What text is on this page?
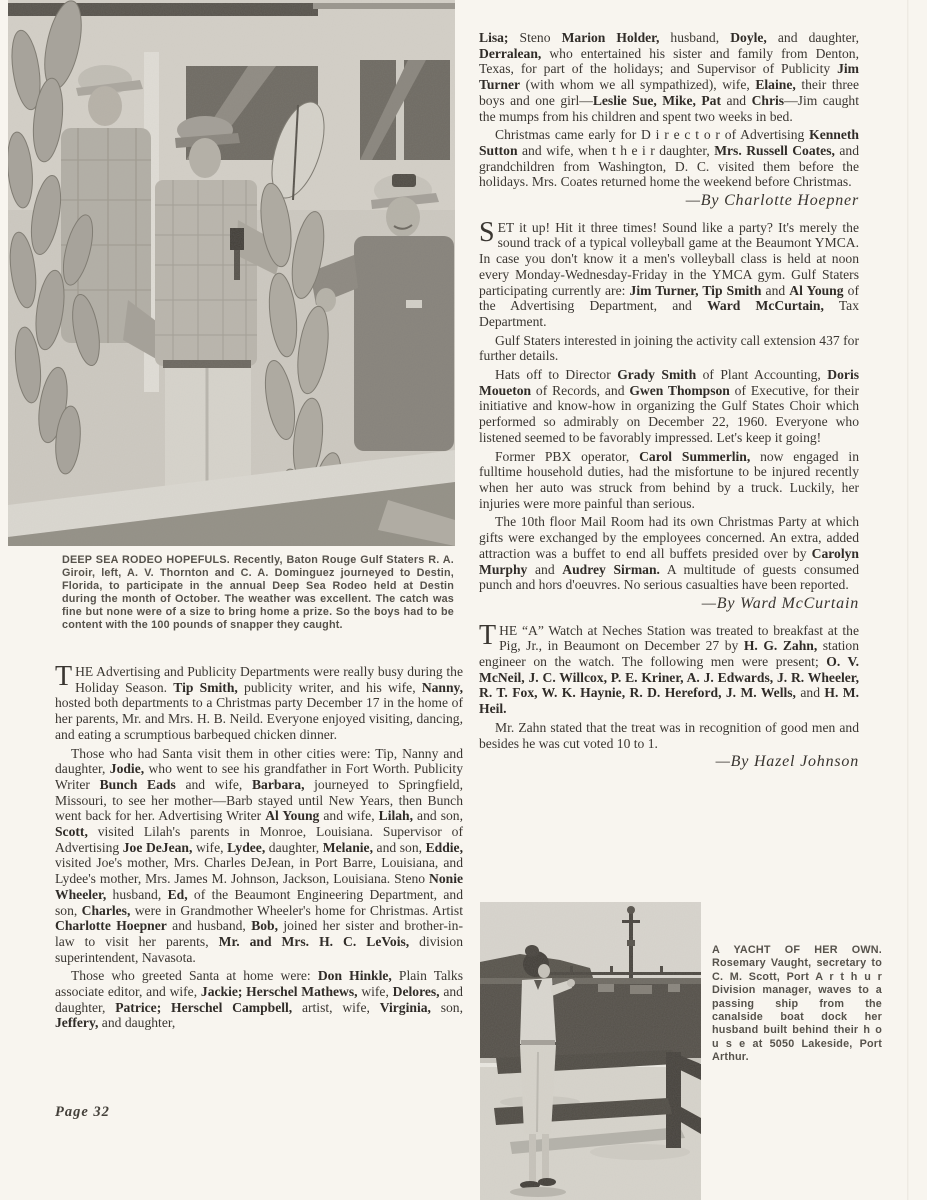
DEEP SEA RODEO HOPEFULS. Recently, Baton Rouge Gulf Staters R. A. Giroir, left, A. V. Thornton and C. A. Dominguez journeyed to Destin, Florida, to participate in the annual Deep Sea Rodeo held at Destin during the month of October. The weather was excellent. The catch was fine but none were of a size to bring home a prize. So the boys had to be content with the 100 pounds of snapper they caught.

THE Advertising and Publicity Departments were really busy during the Holiday Season. Tip Smith, publicity writer, and his wife, Nanny, hosted both departments to a Christmas party December 17 in the home of her parents, Mr. and Mrs. H. B. Neild. Everyone enjoyed visiting, dancing, and eating a scrumptious barbequed chicken dinner.

Those who had Santa visit them in other cities were: Tip, Nanny and daughter, Jodie, who went to see his grandfather in Fort Worth. Publicity Writer Bunch Eads and wife, Barbara, journeyed to Springfield, Missouri, to see her mother—Barb stayed until New Years, then Bunch went back for her. Advertising Writer Al Young and wife, Lilah, and son, Scott, visited Lilah's parents in Monroe, Louisiana. Supervisor of Advertising Joe DeJean, wife, Lydee, daughter, Melanie, and son, Eddie, visited Joe's mother, Mrs. Charles DeJean, in Port Barre, Louisiana, and Lydee's mother, Mrs. James M. Johnson, Jackson, Louisiana. Steno Nonie Wheeler, husband, Ed, of the Beaumont Engineering Department, and son, Charles, were in Grandmother Wheeler's home for Christmas. Artist Charlotte Hoepner and husband, Bob, joined her sister and brother-in-law to visit her parents, Mr. and Mrs. H. C. LeVois, division superintendent, Navasota.

Those who greeted Santa at home were: Don Hinkle, Plain Talks associate editor, and wife, Jackie; Herschel Mathews, wife, Delores, and daughter, Patrice; Herschel Campbell, artist, wife, Virginia, son, Jeffery, and daughter,

Lisa; Steno Marion Holder, husband, Doyle, and daughter, Derralean, who entertained his sister and family from Denton, Texas, for part of the holidays; and Supervisor of Publicity Jim Turner (with whom we all sympathized), wife, Elaine, their three boys and one girl—Leslie Sue, Mike, Pat and Chris—Jim caught the mumps from his children and spent two weeks in bed.

Christmas came early for D i r e c t o r of Advertising Kenneth Sutton and wife, when t h e i r daughter, Mrs. Russell Coates, and grandchildren from Washington, D. C. visited them before the holidays. Mrs. Coates returned home the weekend before Christmas.

—By Charlotte Hoepner

SET it up! Hit it three times! Sound like a party? It's merely the sound track of a typical volleyball game at the Beaumont YMCA. In case you don't know it a men's volleyball class is held at noon every Monday-Wednesday-Friday in the YMCA gym. Gulf Staters participating currently are: Jim Turner, Tip Smith and Al Young of the Advertising Department, and Ward McCurtain, Tax Department.

Gulf Staters interested in joining the activity call extension 437 for further details.

Hats off to Director Grady Smith of Plant Accounting, Doris Moueton of Records, and Gwen Thompson of Executive, for their initiative and know-how in organizing the Gulf States Choir which performed so admirably on December 22, 1960. Everyone who listened seemed to be favorably impressed. Let's keep it going!

Former PBX operator, Carol Summerlin, now engaged in fulltime household duties, had the misfortune to be injured recently when her auto was struck from behind by a truck. Luckily, her injuries were more painful than serious.

The 10th floor Mail Room had its own Christmas Party at which gifts were exchanged by the employees concerned. An extra, added attraction was a buffet to end all buffets presided over by Carolyn Murphy and Audrey Sirman. A multitude of guests consumed punch and hors d'oeuvres. No serious casualties have been reported.

—By Ward McCurtain

THE “A” Watch at Neches Station was treated to breakfast at the Pig, Jr., in Beaumont on December 27 by H. G. Zahn, station engineer on the watch. The following men were present; O. V. McNeil, J. C. Willcox, P. E. Kriner, A. J. Edwards, J. R. Wheeler, R. T. Fox, W. K. Haynie, R. D. Hereford, J. M. Wells, and H. M. Heil.

Mr. Zahn stated that the treat was in recognition of good men and besides he was cut voted 10 to 1.

—By Hazel Johnson
A YACHT OF HER OWN. Rosemary Vaught, secretary to C. M. Scott, Port A r t h u r Division manager, waves to a passing ship from the canalside boat dock her husband built behind their h o u s e at 5050 Lakeside, Port Arthur.
Page 32
